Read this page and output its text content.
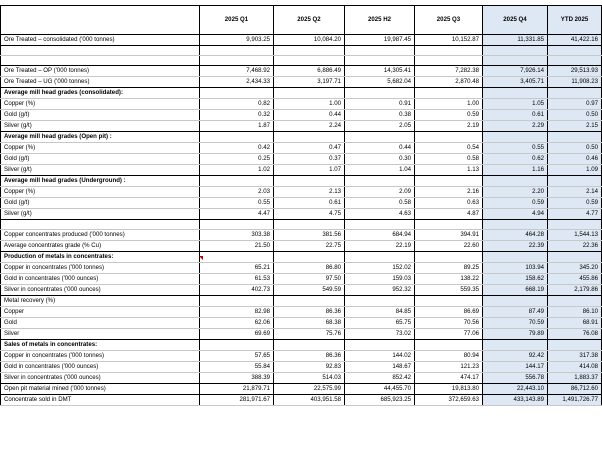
	2025 Q1	2025 Q2	2025 H2	2025 Q3	2025 Q4	YTD 2025
Ore Treated – consolidated ('000 tonnes)	9,903.25	10,084.20	19,987.45	10,152.87	11,331.85	41,422.16

Ore Treated – OP ('000 tonnes)	7,468.92	6,886.49	14,305.41	7,282.38	7,926.14	29,513.93
Ore Treated – UG ('000 tonnes)	2,434.33	3,197.71	5,682.04	2,870.48	3,405.71	11,908.23
Average mill head grades (consolidated):						
Copper (%)	0.82	1.00	0.91	1.00	1.05	0.97
Gold (g/t)	0.32	0.44	0.38	0.59	0.61	0.50
Silver (g/t)	1.87	2.24	2.05	2.19	2.29	2.15
Average mill head grades (Open pit) :						
Copper (%)	0.42	0.47	0.44	0.54	0.55	0.50
Gold (g/t)	0.25	0.37	0.30	0.58	0.62	0.46
Silver (g/t)	1.02	1.07	1.04	1.13	1.16	1.09
Average mill head grades (Underground) :						
Copper (%)	2.03	2.13	2.09	2.16	2.20	2.14
Gold (g/t)	0.55	0.61	0.58	0.63	0.59	0.59
Silver (g/t)	4.47	4.75	4.63	4.87	4.94	4.77

Copper concentrates produced ('000 tonnes)	303.38	381.56	684.94	394.91	464.28	1,544.13
Average concentrates grade (% Cu)	21.50	22.75	22.19	22.60	22.39	22.36
Production of metals in concentrates:						
Copper in concentrates ('000 tonnes)	65.21	86.80	152.02	89.25	103.94	345.20
Gold in concentrates ('000 ounces)	61.53	97.50	159.03	138.22	158.62	455.86
Silver in concentrates ('000 ounces)	402.73	549.59	952.32	559.35	668.19	2,179.86
Metal recovery (%)						
Copper	82.98	86.36	84.85	86.69	87.49	86.10
Gold	62.06	68.38	65.75	70.56	70.59	68.91
Silver	69.69	75.76	73.02	77.06	79.89	76.08
Sales of metals in concentrates:						
Copper in concentrates ('000 tonnes)	57.65	86.36	144.02	80.94	92.42	317.38
Gold in concentrates ('000 ounces)	55.84	92.83	148.67	121.23	144.17	414.08
Silver in concentrates ('000 ounces)	388.39	514.03	852.42	474.17	556.78	1,883.37
Open pit material mined ('000 tonnes)	21,879.71	22,575.99	44,455.70	19,813.80	22,443.10	86,712.60
Concentrate sold in DMT	281,971.67	403,951.58	685,923.25	372,659.63	433,143.89	1,491,726.77
